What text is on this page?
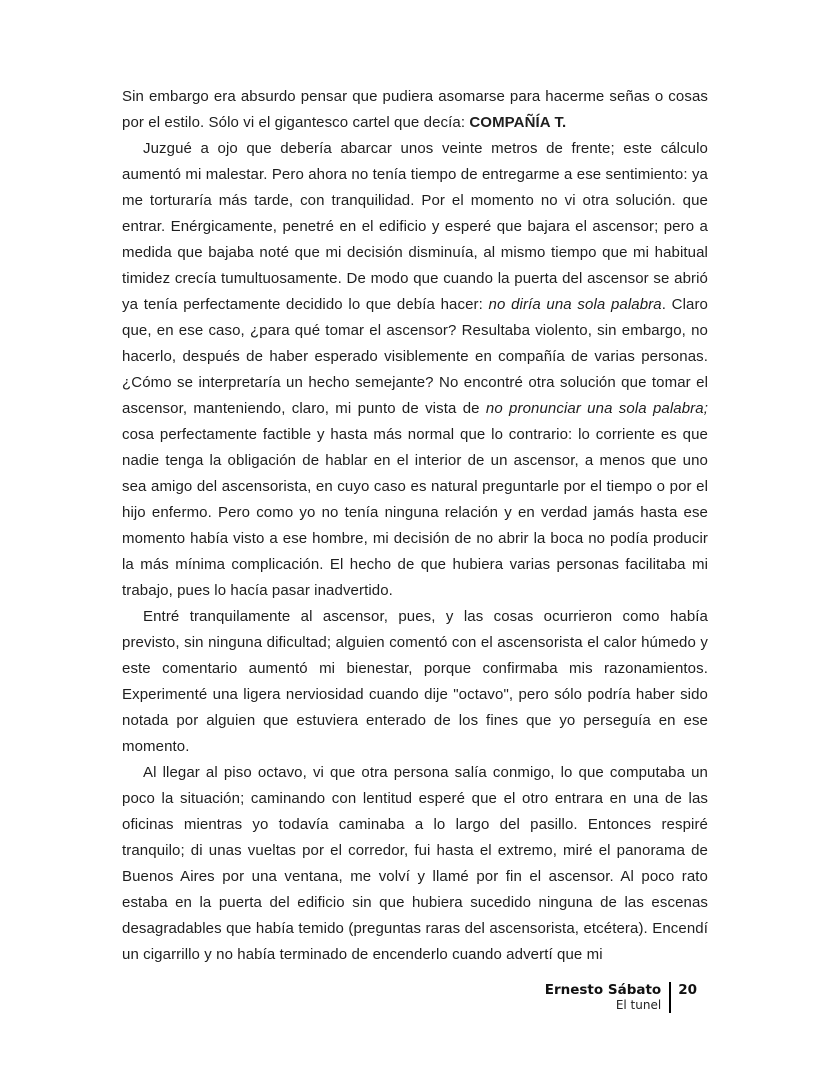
Sin embargo era absurdo pensar que pudiera asomarse para hacerme señas o cosas por el estilo. Sólo vi el gigantesco cartel que decía: COMPAÑÍA T.

Juzgué a ojo que debería abarcar unos veinte metros de frente; este cálculo aumentó mi malestar. Pero ahora no tenía tiempo de entregarme a ese sentimiento: ya me torturaría más tarde, con tranquilidad. Por el momento no vi otra solución. que entrar. Enérgicamente, penetré en el edificio y esperé que bajara el ascensor; pero a medida que bajaba noté que mi decisión disminuía, al mismo tiempo que mi habitual timidez crecía tumultuosamente. De modo que cuando la puerta del ascensor se abrió ya tenía perfectamente decidido lo que debía hacer: no diría una sola palabra. Claro que, en ese caso, ¿para qué tomar el ascensor? Resultaba violento, sin embargo, no hacerlo, después de haber esperado visiblemente en compañía de varias personas. ¿Cómo se interpretaría un hecho semejante? No encontré otra solución que tomar el ascensor, manteniendo, claro, mi punto de vista de no pronunciar una sola palabra; cosa perfectamente factible y hasta más normal que lo contrario: lo corriente es que nadie tenga la obligación de hablar en el interior de un ascensor, a menos que uno sea amigo del ascensorista, en cuyo caso es natural preguntarle por el tiempo o por el hijo enfermo. Pero como yo no tenía ninguna relación y en verdad jamás hasta ese momento había visto a ese hombre, mi decisión de no abrir la boca no podía producir la más mínima complicación. El hecho de que hubiera varias personas facilitaba mi trabajo, pues lo hacía pasar inadvertido.

Entré tranquilamente al ascensor, pues, y las cosas ocurrieron como había previsto, sin ninguna dificultad; alguien comentó con el ascensorista el calor húmedo y este comentario aumentó mi bienestar, porque confirmaba mis razonamientos. Experimenté una ligera nerviosidad cuando dije "octavo", pero sólo podría haber sido notada por alguien que estuviera enterado de los fines que yo perseguía en ese momento.

Al llegar al piso octavo, vi que otra persona salía conmigo, lo que computaba un poco la situación; caminando con lentitud esperé que el otro entrara en una de las oficinas mientras yo todavía caminaba a lo largo del pasillo. Entonces respiré tranquilo; di unas vueltas por el corredor, fui hasta el extremo, miré el panorama de Buenos Aires por una ventana, me volví y llamé por fin el ascensor. Al poco rato estaba en la puerta del edificio sin que hubiera sucedido ninguna de las escenas desagradables que había temido (preguntas raras del ascensorista, etcétera). Encendí un cigarrillo y no había terminado de encenderlo cuando advertí que mi

Ernesto Sábato
El tunel
20
